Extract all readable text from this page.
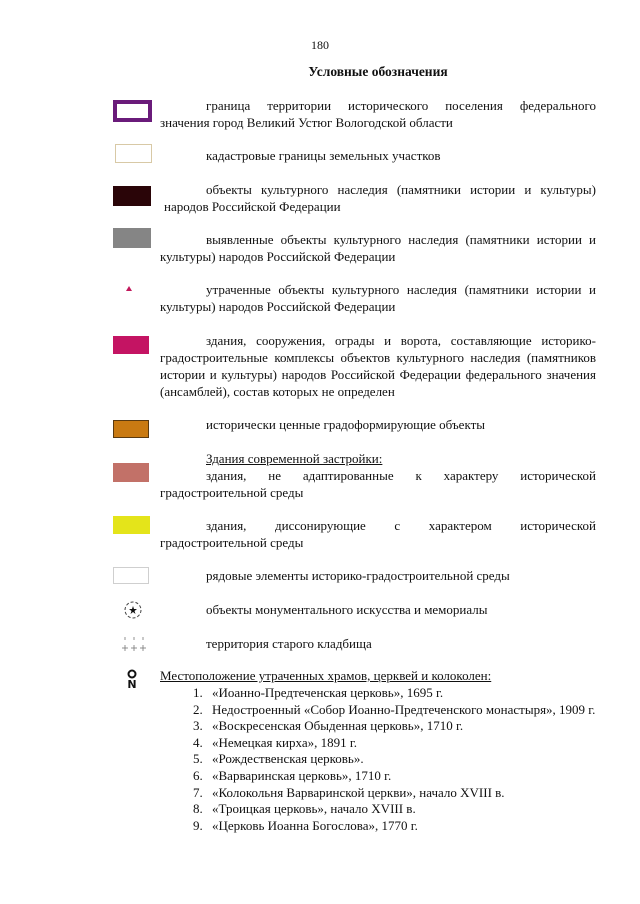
180
Условные обозначения
N
граница территории исторического поселения федерального
значения город Великий Устюг Вологодской области
кадастровые границы земельных участков
объекты культурного наследия (памятники истории и культуры)
народов Российской Федерации
выявленные объекты культурного наследия (памятники истории и
культуры) народов Российской Федерации
утраченные объекты культурного наследия (памятники истории и
культуры) народов Российской Федерации
здания, сооружения, ограды и ворота, составляющие историко-
градостроительные комплексы объектов культурного наследия (памятников истории и культуры) народов Российской Федерации федерального значения (ансамблей), состав которых не определен
исторически ценные градоформирующие объекты
Здания современной застройки:
здания, не адаптированные к характеру исторической
градостроительной среды
здания, диссонирующие с характером исторической
градостроительной среды
рядовые элементы историко-градостроительной среды
объекты монументального искусства и мемориалы
территория старого кладбища
Местоположение утраченных храмов, церквей и колоколен:
1. «Иоанно-Предтеченская церковь», 1695 г.
2. Недостроенный «Собор Иоанно-Предтеченского монастыря», 1909 г.
3. «Воскресенская Обыденная церковь», 1710 г.
4. «Немецкая кирха», 1891 г.
5. «Рождественская церковь».
6. «Варваринская церковь», 1710 г.
7. «Колокольня Варваринской церкви», начало XVIII в.
8. «Троицкая церковь», начало XVIII в.
9. «Церковь Иоанна Богослова», 1770 г.
